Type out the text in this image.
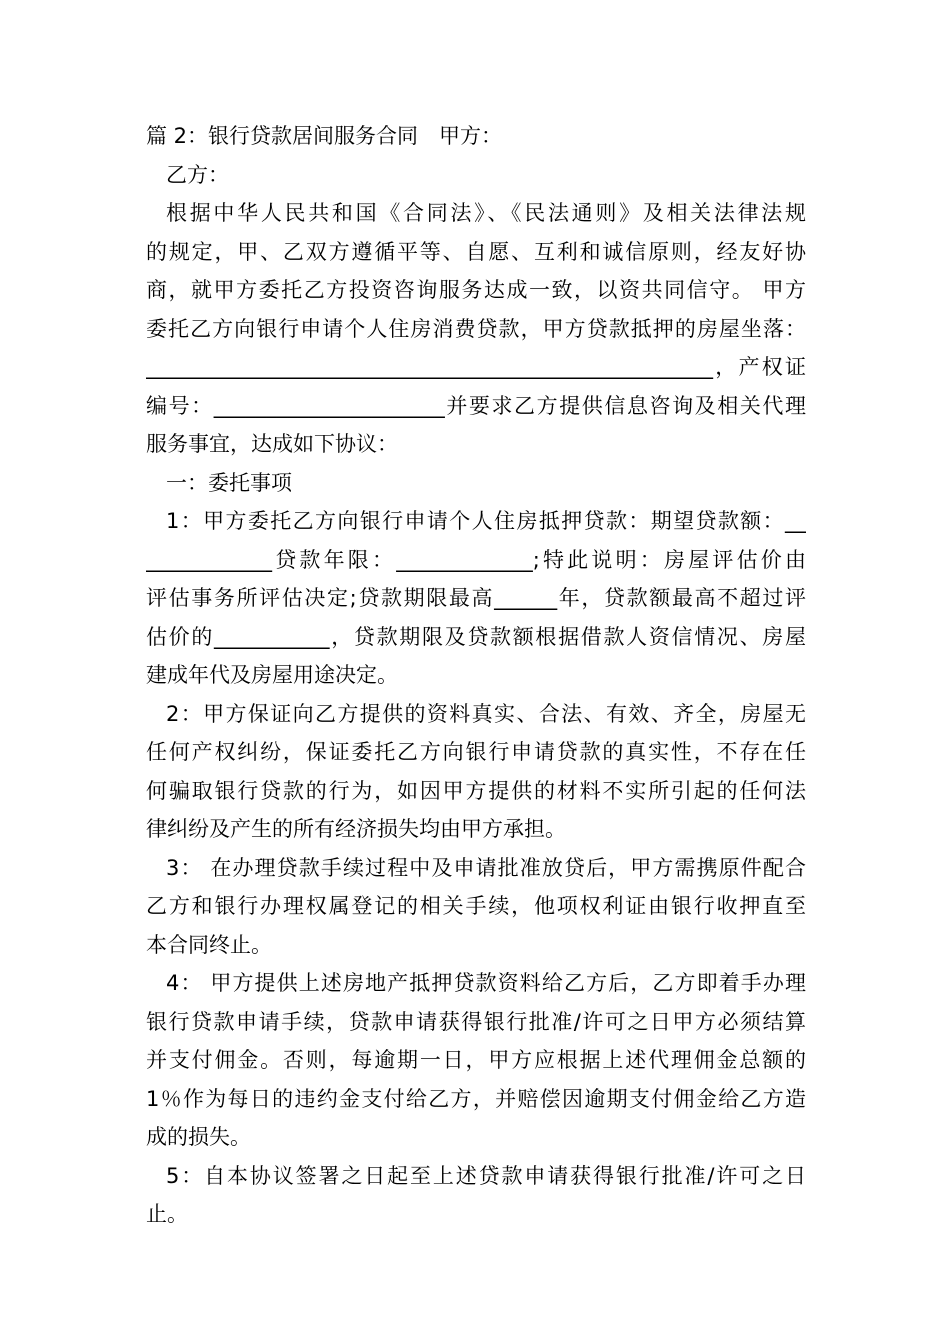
篇 2：银行贷款居间服务合同　甲方：
乙方：
根据中华人民共和国《合同法》、《民法通则》及相关法律法规
的规定，甲、乙双方遵循平等、自愿、互利和诚信原则，经友好协
商，就甲方委托乙方投资咨询服务达成一致，以资共同信守。 甲方
委托乙方向银行申请个人住房消费贷款，甲方贷款抵押的房屋坐落：
______________________________________________________，产权证
编号：______________________并要求乙方提供信息咨询及相关代理
服务事宜，达成如下协议：
一：委托事项
1：甲方委托乙方向银行申请个人住房抵押贷款：期望贷款额：__
____________贷款年限：_____________;特此说明：房屋评估价由
评估事务所评估决定;贷款期限最高______年，贷款额最高不超过评
估价的___________，贷款期限及贷款额根据借款人资信情况、房屋
建成年代及房屋用途决定。
2：甲方保证向乙方提供的资料真实、合法、有效、齐全，房屋无
任何产权纠纷，保证委托乙方向银行申请贷款的真实性，不存在任
何骗取银行贷款的行为，如因甲方提供的材料不实所引起的任何法
律纠纷及产生的所有经济损失均由甲方承担。
3： 在办理贷款手续过程中及申请批准放贷后，甲方需携原件配合
乙方和银行办理权属登记的相关手续，他项权利证由银行收押直至
本合同终止。
4： 甲方提供上述房地产抵押贷款资料给乙方后，乙方即着手办理
银行贷款申请手续，贷款申请获得银行批准/许可之日甲方必须结算
并支付佣金。否则，每逾期一日，甲方应根据上述代理佣金总额的
1％作为每日的违约金支付给乙方，并赔偿因逾期支付佣金给乙方造
成的损失。
5：自本协议签署之日起至上述贷款申请获得银行批准/许可之日
止。
